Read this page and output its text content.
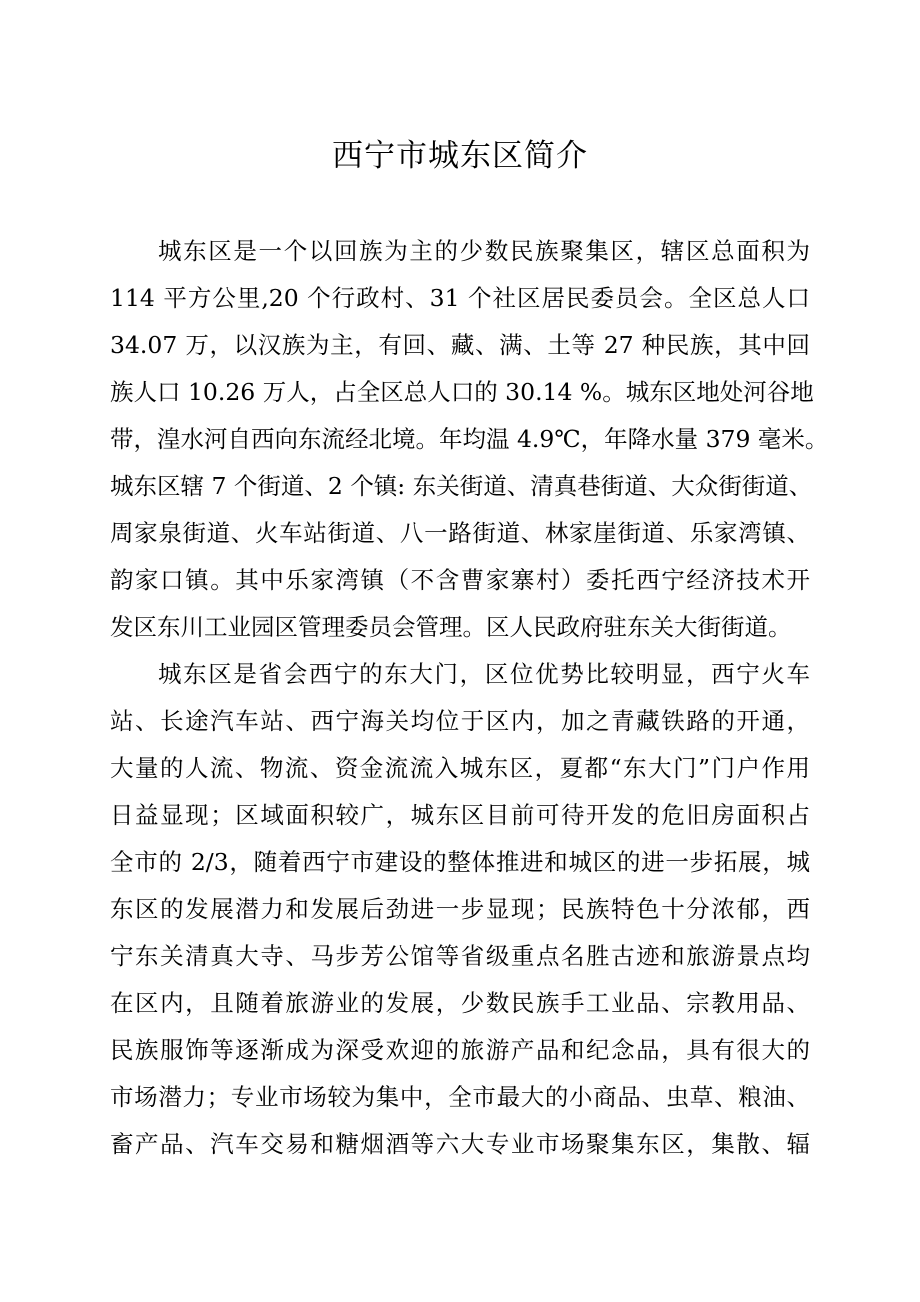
西宁市城东区简介
城东区是一个以回族为主的少数民族聚集区，辖区总面积为
114 平方公里,20 个行政村、31 个社区居民委员会。全区总人口
34.07 万，以汉族为主，有回、藏、满、土等 27 种民族，其中回
族人口 10.26 万人，占全区总人口的 30.14 %。城东区地处河谷地
带，湟水河自西向东流经北境。年均温 4.9℃，年降水量 379 毫米。
城东区辖 7 个街道、2 个镇: 东关街道、清真巷街道、大众街街道、
周家泉街道、火车站街道、八一路街道、林家崖街道、乐家湾镇、
韵家口镇。其中乐家湾镇（不含曹家寨村）委托西宁经济技术开
发区东川工业园区管理委员会管理。区人民政府驻东关大街街道。
城东区是省会西宁的东大门，区位优势比较明显，西宁火车
站、长途汽车站、西宁海关均位于区内，加之青藏铁路的开通，
大量的人流、物流、资金流流入城东区，夏都“东大门”门户作用
日益显现；区域面积较广，城东区目前可待开发的危旧房面积占
全市的 2/3，随着西宁市建设的整体推进和城区的进一步拓展，城
东区的发展潜力和发展后劲进一步显现；民族特色十分浓郁，西
宁东关清真大寺、马步芳公馆等省级重点名胜古迹和旅游景点均
在区内，且随着旅游业的发展，少数民族手工业品、宗教用品、
民族服饰等逐渐成为深受欢迎的旅游产品和纪念品，具有很大的
市场潜力；专业市场较为集中，全市最大的小商品、虫草、粮油、
畜产品、汽车交易和糖烟酒等六大专业市场聚集东区，集散、辐
